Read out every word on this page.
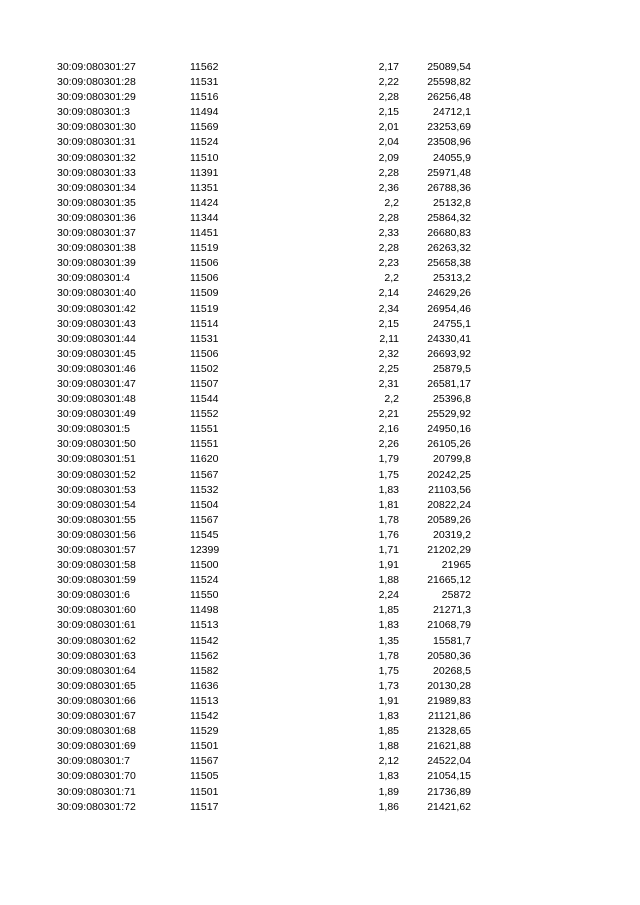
30:09:080301:27	11562	2,17	25089,54
30:09:080301:28	11531	2,22	25598,82
30:09:080301:29	11516	2,28	26256,48
30:09:080301:3	11494	2,15	24712,1
30:09:080301:30	11569	2,01	23253,69
30:09:080301:31	11524	2,04	23508,96
30:09:080301:32	11510	2,09	24055,9
30:09:080301:33	11391	2,28	25971,48
30:09:080301:34	11351	2,36	26788,36
30:09:080301:35	11424	2,2	25132,8
30:09:080301:36	11344	2,28	25864,32
30:09:080301:37	11451	2,33	26680,83
30:09:080301:38	11519	2,28	26263,32
30:09:080301:39	11506	2,23	25658,38
30:09:080301:4	11506	2,2	25313,2
30:09:080301:40	11509	2,14	24629,26
30:09:080301:42	11519	2,34	26954,46
30:09:080301:43	11514	2,15	24755,1
30:09:080301:44	11531	2,11	24330,41
30:09:080301:45	11506	2,32	26693,92
30:09:080301:46	11502	2,25	25879,5
30:09:080301:47	11507	2,31	26581,17
30:09:080301:48	11544	2,2	25396,8
30:09:080301:49	11552	2,21	25529,92
30:09:080301:5	11551	2,16	24950,16
30:09:080301:50	11551	2,26	26105,26
30:09:080301:51	11620	1,79	20799,8
30:09:080301:52	11567	1,75	20242,25
30:09:080301:53	11532	1,83	21103,56
30:09:080301:54	11504	1,81	20822,24
30:09:080301:55	11567	1,78	20589,26
30:09:080301:56	11545	1,76	20319,2
30:09:080301:57	12399	1,71	21202,29
30:09:080301:58	11500	1,91	21965
30:09:080301:59	11524	1,88	21665,12
30:09:080301:6	11550	2,24	25872
30:09:080301:60	11498	1,85	21271,3
30:09:080301:61	11513	1,83	21068,79
30:09:080301:62	11542	1,35	15581,7
30:09:080301:63	11562	1,78	20580,36
30:09:080301:64	11582	1,75	20268,5
30:09:080301:65	11636	1,73	20130,28
30:09:080301:66	11513	1,91	21989,83
30:09:080301:67	11542	1,83	21121,86
30:09:080301:68	11529	1,85	21328,65
30:09:080301:69	11501	1,88	21621,88
30:09:080301:7	11567	2,12	24522,04
30:09:080301:70	11505	1,83	21054,15
30:09:080301:71	11501	1,89	21736,89
30:09:080301:72	11517	1,86	21421,62
